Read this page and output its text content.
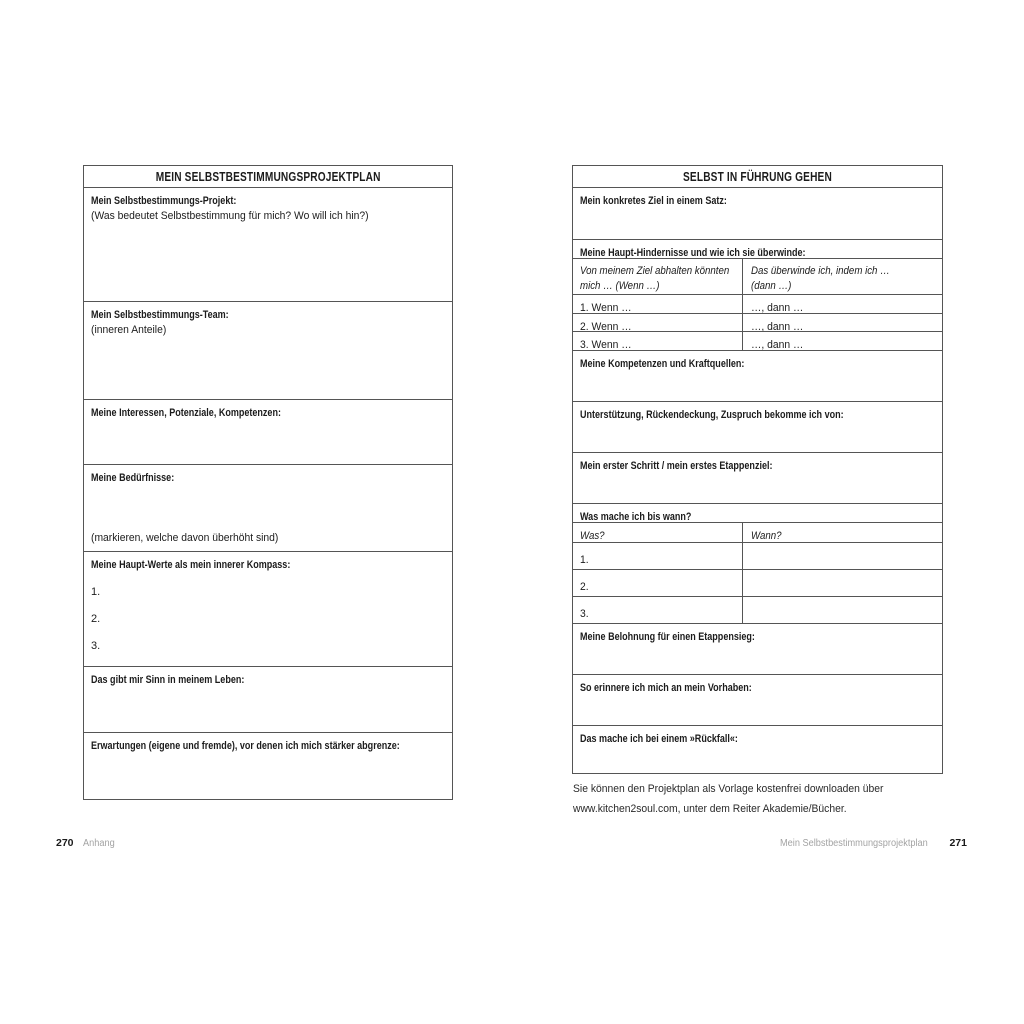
MEIN SELBSTBESTIMMUNGSPROJEKTPLAN
Mein Selbstbestimmungs-Projekt:
(Was bedeutet Selbstbestimmung für mich? Wo will ich hin?)
Mein Selbstbestimmungs-Team:
(inneren Anteile)
Meine Interessen, Potenziale, Kompetenzen:
Meine Bedürfnisse:
(markieren, welche davon überhöht sind)
Meine Haupt-Werte als mein innerer Kompass:
1.
2.
3.
Das gibt mir Sinn in meinem Leben:
Erwartungen (eigene und fremde), vor denen ich mich stärker abgrenze:
SELBST IN FÜHRUNG GEHEN
Mein konkretes Ziel in einem Satz:
Meine Haupt-Hindernisse und wie ich sie überwinde:
Von meinem Ziel abhalten könnten
mich … (Wenn …)
Das überwinde ich, indem ich …
(dann …)
1. Wenn …	…, dann …
2. Wenn …	…, dann …
3. Wenn …	…, dann …
Meine Kompetenzen und Kraftquellen:
Unterstützung, Rückendeckung, Zuspruch bekomme ich von:
Mein erster Schritt / mein erstes Etappenziel:
Was mache ich bis wann?
Was?	Wann?
1.
2.
3.
Meine Belohnung für einen Etappensieg:
So erinnere ich mich an mein Vorhaben:
Das mache ich bei einem »Rückfall«:
Sie können den Projektplan als Vorlage kostenfrei downloaden über
www.kitchen2soul.com, unter dem Reiter Akademie/Bücher.
270 Anhang	Mein Selbstbestimmungsprojektplan 271
